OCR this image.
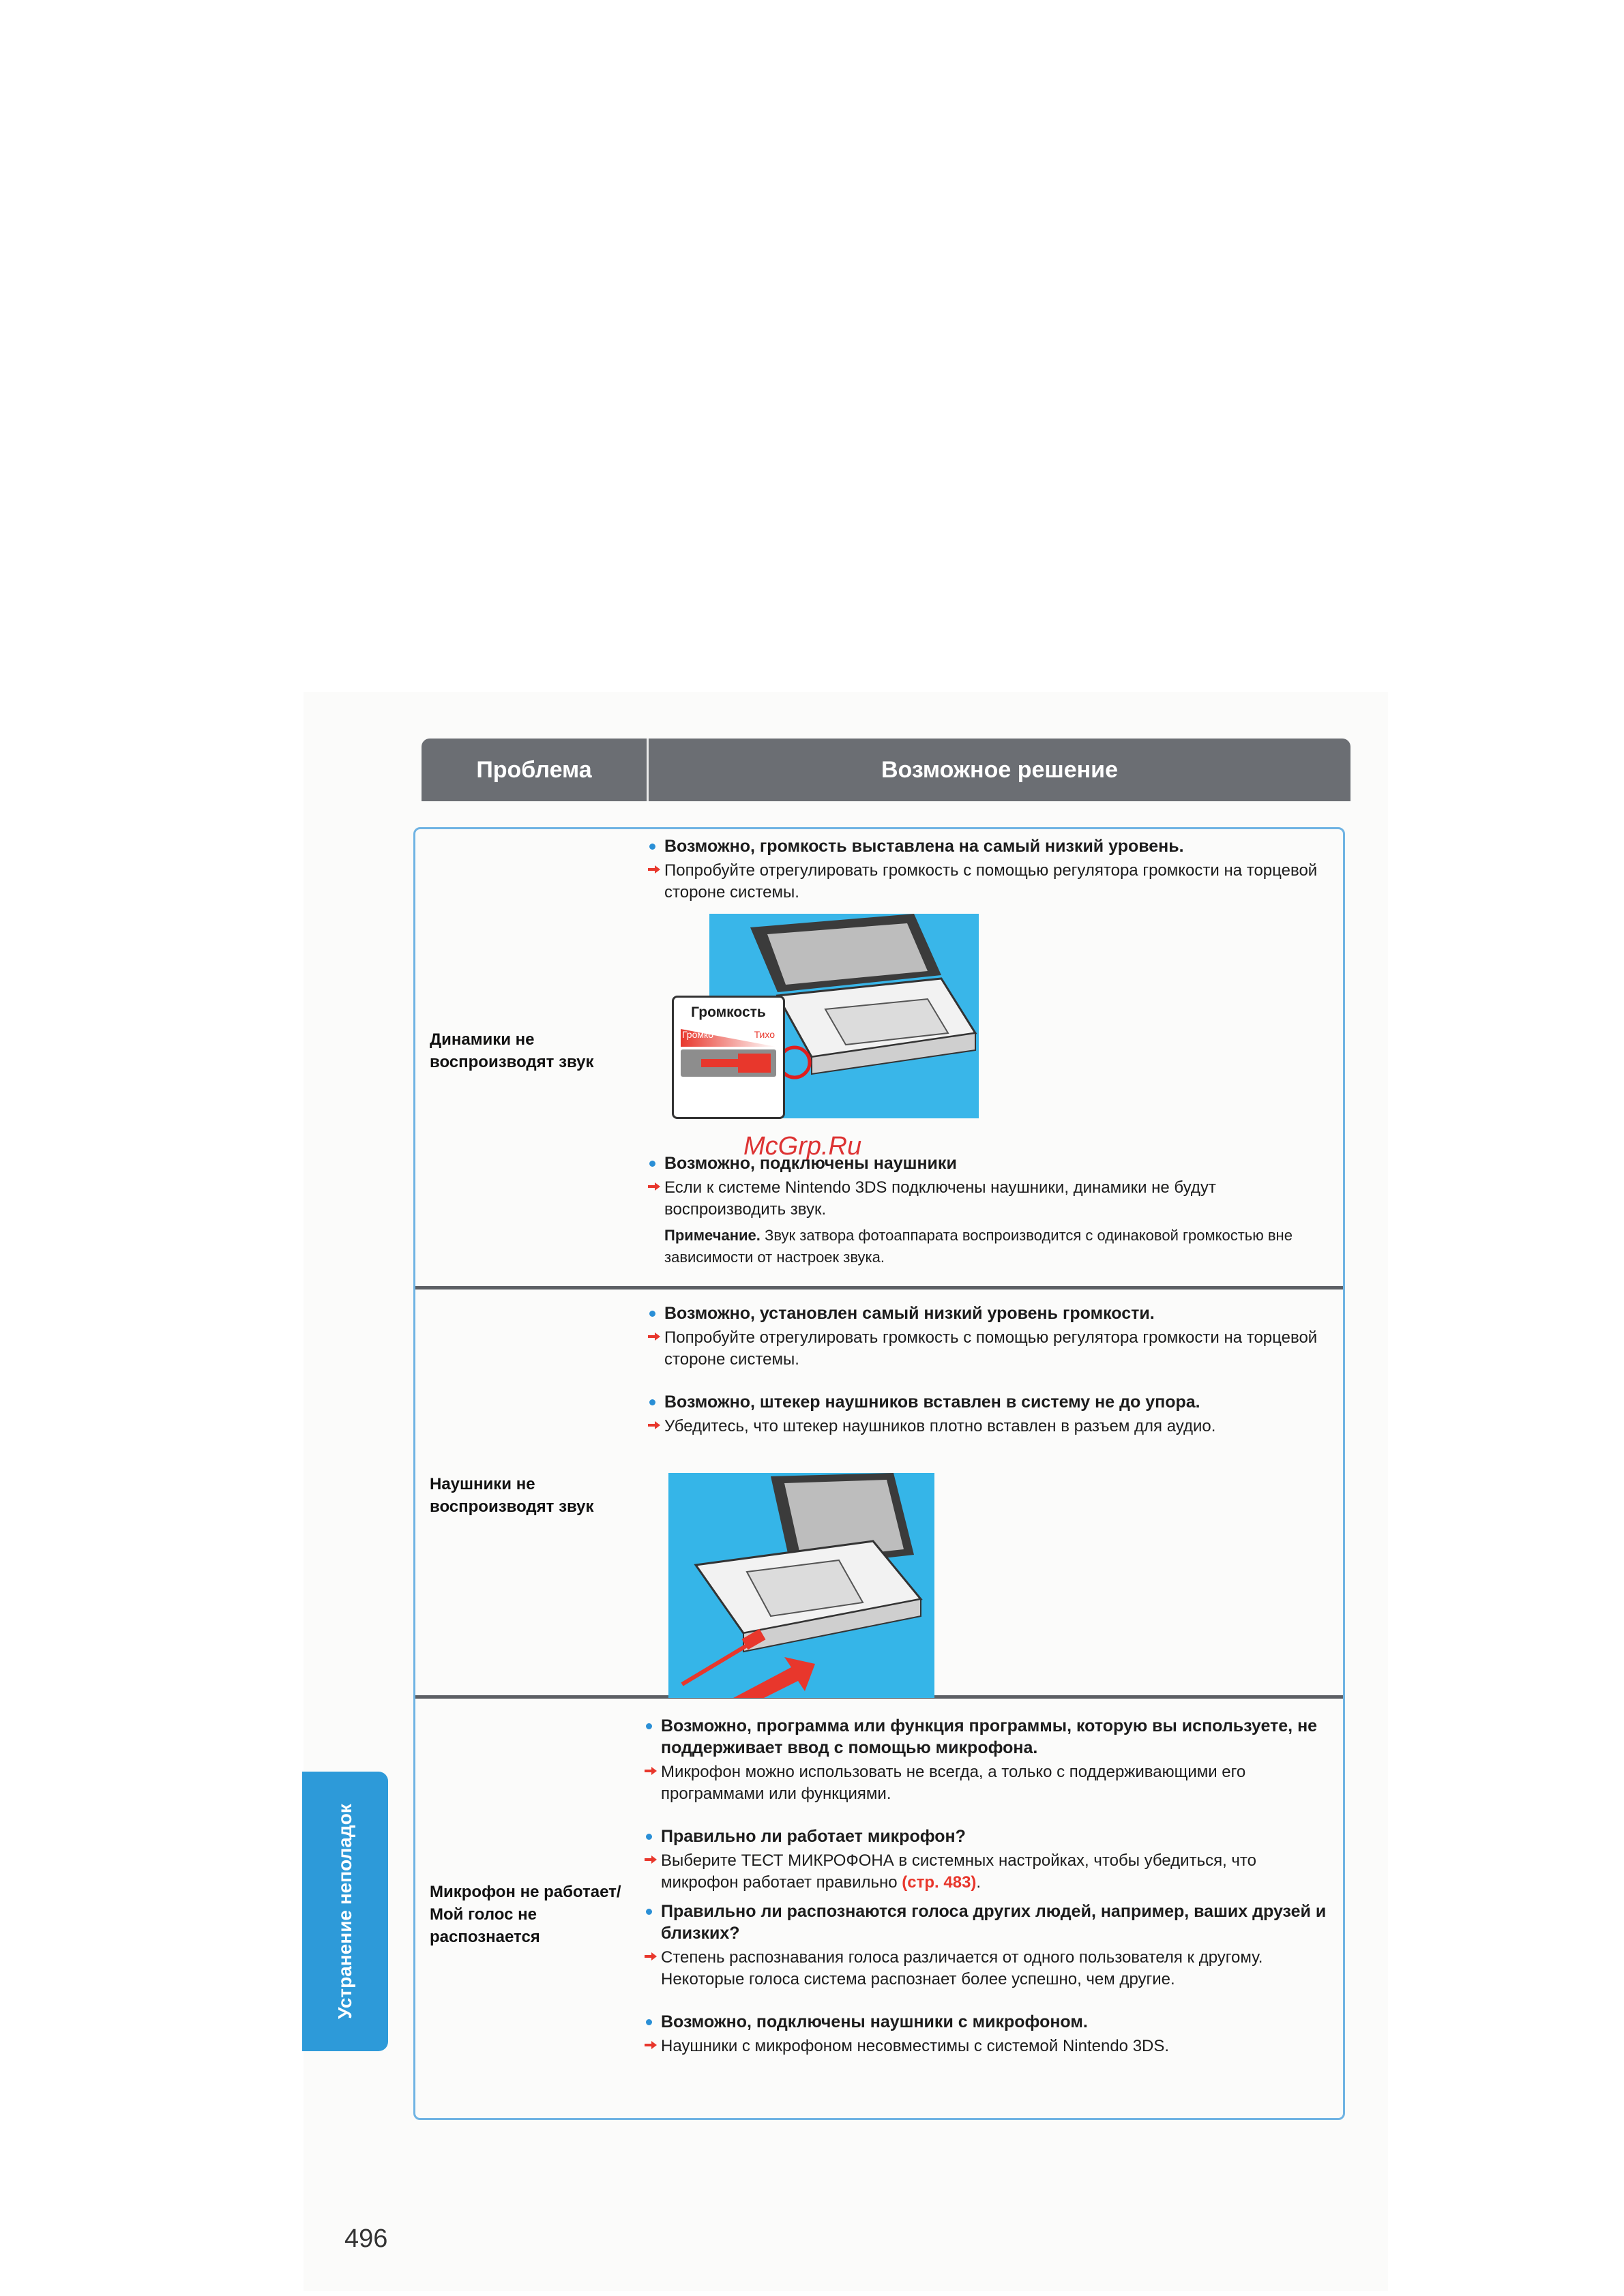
Проблема	Возможное решение
Динамики не воспроизводят звук
Возможно, громкость выставлена на самый низкий уровень.
Попробуйте отрегулировать громкость с помощью регулятора громкости на торцевой стороне системы.
Громкость
Громко	Тихо
McGrp.Ru
Возможно, подключены наушники
Если к системе Nintendo 3DS подключены наушники, динамики не будут воспроизводить звук.
Примечание. Звук затвора фотоаппарата воспроизводится с одинаковой громкостью вне зависимости от настроек звука.
Наушники не воспроизводят звук
Возможно, установлен самый низкий уровень громкости.
Попробуйте отрегулировать громкость с помощью регулятора громкости на торцевой стороне системы.
Возможно, штекер наушников вставлен в систему не до упора.
Убедитесь, что штекер наушников плотно вставлен в разъем для аудио.
Микрофон не работает/ Мой голос не распознается
Возможно, программа или функция программы, которую вы используете, не поддерживает ввод с помощью микрофона.
Микрофон можно использовать не всегда, а только с поддерживающими его программами или функциями.
Правильно ли работает микрофон?
Выберите ТЕСТ МИКРОФОНА в системных настройках, чтобы убедиться, что микрофон работает правильно (стр. 483).
Правильно ли распознаются голоса других людей, например, ваших друзей и близких?
Степень распознавания голоса различается от одного пользователя к другому. Некоторые голоса система распознает более успешно, чем другие.
Возможно, подключены наушники с микрофоном.
Наушники с микрофоном несовместимы с системой Nintendo 3DS.
Устранение неполадок
496
